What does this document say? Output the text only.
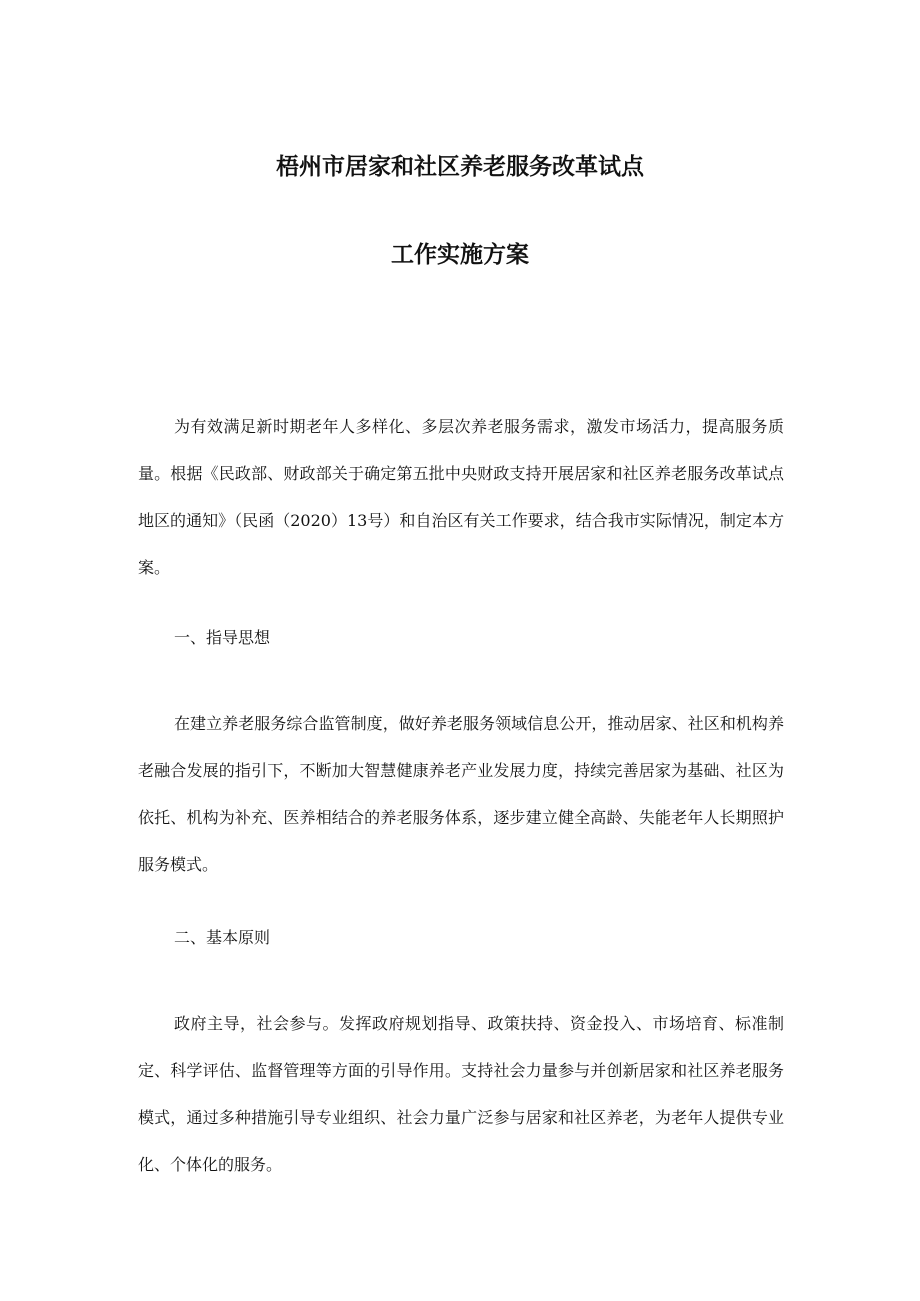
梧州市居家和社区养老服务改革试点
工作实施方案

为有效满足新时期老年人多样化、多层次养老服务需求，激发市场活力，提高服务质量。根据《民政部、财政部关于确定第五批中央财政支持开展居家和社区养老服务改革试点地区的通知》（民函（2020）13号）和自治区有关工作要求，结合我市实际情况，制定本方案。

一、指导思想

在建立养老服务综合监管制度，做好养老服务领域信息公开，推动居家、社区和机构养老融合发展的指引下，不断加大智慧健康养老产业发展力度，持续完善居家为基础、社区为依托、机构为补充、医养相结合的养老服务体系，逐步建立健全高龄、失能老年人长期照护服务模式。

二、基本原则

政府主导，社会参与。发挥政府规划指导、政策扶持、资金投入、市场培育、标准制定、科学评估、监督管理等方面的引导作用。支持社会力量参与并创新居家和社区养老服务模式，通过多种措施引导专业组织、社会力量广泛参与居家和社区养老，为老年人提供专业化、个体化的服务。
